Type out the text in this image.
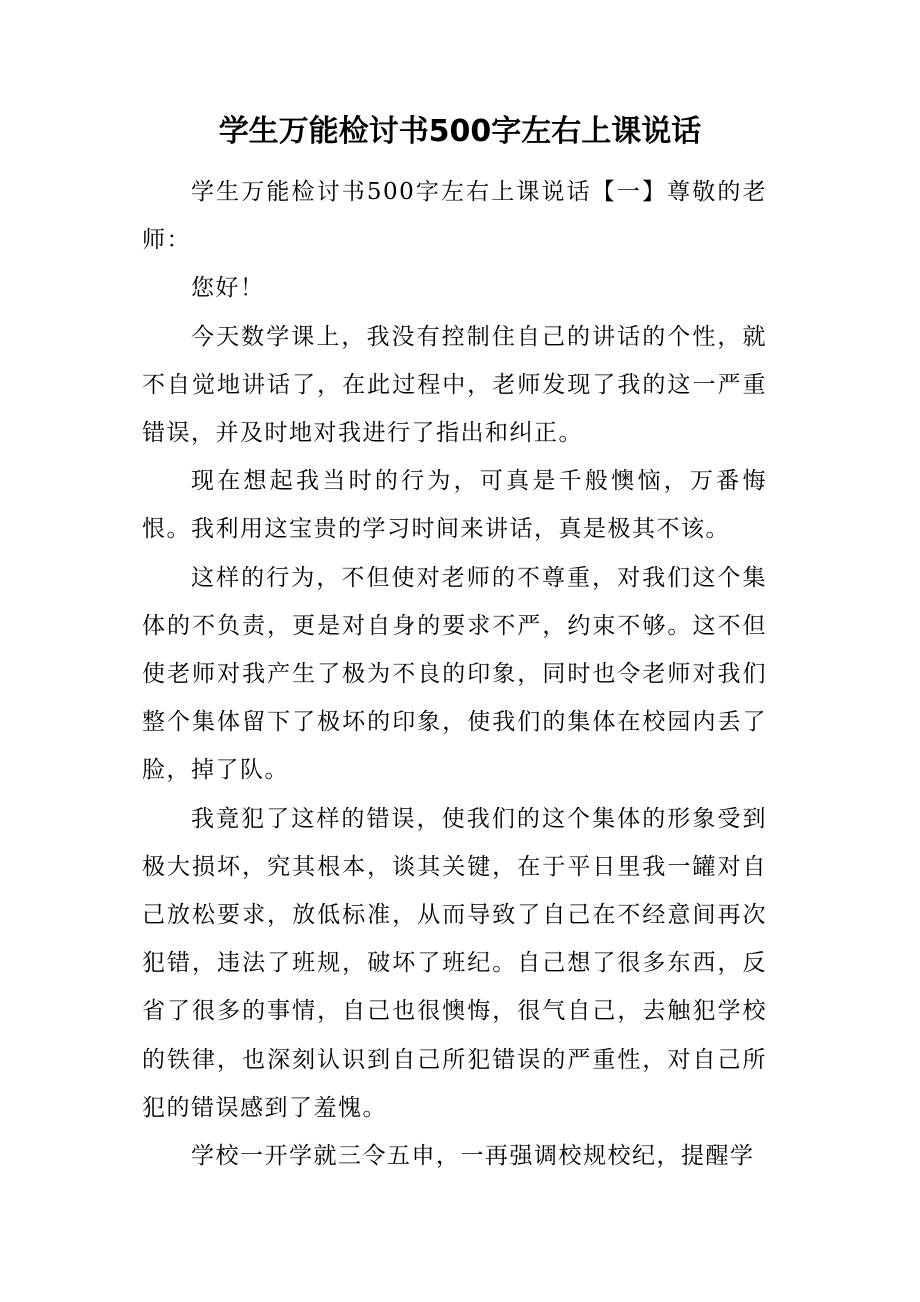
学生万能检讨书500字左右上课说话

学生万能检讨书500字左右上课说话【一】尊敬的老师：

您好！

今天数学课上，我没有控制住自己的讲话的个性，就不自觉地讲话了，在此过程中，老师发现了我的这一严重错误，并及时地对我进行了指出和纠正。

现在想起我当时的行为，可真是千般懊恼，万番悔恨。我利用这宝贵的学习时间来讲话，真是极其不该。

这样的行为，不但使对老师的不尊重，对我们这个集体的不负责，更是对自身的要求不严，约束不够。这不但使老师对我产生了极为不良的印象，同时也令老师对我们整个集体留下了极坏的印象，使我们的集体在校园内丢了脸，掉了队。

我竟犯了这样的错误，使我们的这个集体的形象受到极大损坏，究其根本，谈其关键，在于平日里我一罐对自己放松要求，放低标准，从而导致了自己在不经意间再次犯错，违法了班规，破坏了班纪。自己想了很多东西，反省了很多的事情，自己也很懊悔，很气自己，去触犯学校的铁律，也深刻认识到自己所犯错误的严重性，对自己所犯的错误感到了羞愧。

学校一开学就三令五申，一再强调校规校纪，提醒学
